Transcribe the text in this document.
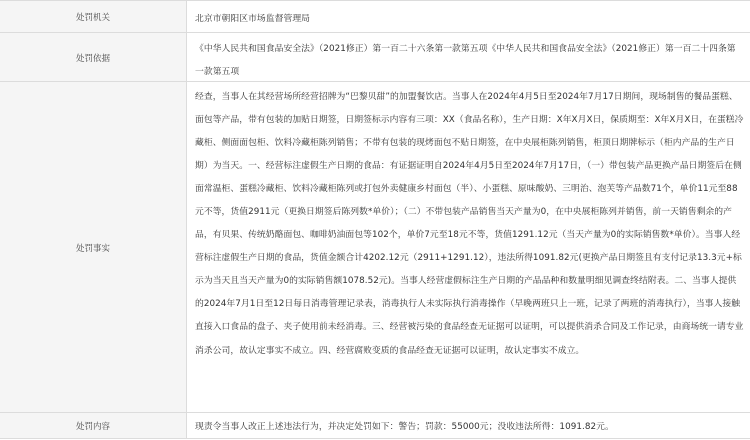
处罚机关	北京市朝阳区市场监督管理局
处罚依据
《中华人民共和国食品安全法》（2021修正）第一百二十六条第一款第五项《中华人民共和国食品安全法》（2021修正）第一百二十四条第一款第五项
处罚事实
经查，当事人在其经营场所经营招牌为“巴黎贝甜”的加盟餐饮店。当事人在2024年4月5日至2024年7月17日期间，现场制售的餐品蛋糕、面包等产品，带有包装的加贴日期签，日期签标示内容有三项：XX（食品名称），生产日期：X年X月X日，保质期至：X年X月X日，在蛋糕冷藏柜、侧面面包柜、饮料冷藏柜陈列销售；不带有包装的现烤面包不贴日期签，在中央展柜陈列销售，柜顶日期牌标示（柜内产品的生产日期）为当天。一、经营标注虚假生产日期的食品：有证据证明自2024年4月5日至2024年7月17日，（一）带包装产品更换产品日期签后在侧面常温柜、蛋糕冷藏柜、饮料冷藏柜陈列或打包外卖健康乡村面包（半）、小蛋糕、原味酸奶、三明治、泡芙等产品数71个，单价11元至88元不等，货值2911元（更换日期签后陈列数*单价）；（二）不带包装产品销售当天产量为0，在中央展柜陈列并销售，前一天销售剩余的产品，有贝果、传统奶酪面包、咖啡奶油面包等102个，单价7元至18元不等，货值1291.12元（当天产量为0的实际销售数*单价）。当事人经营标注虚假生产日期的食品，货值金额合计4202.12元（2911+1291.12），违法所得1091.82元(更换产品日期签且有支付记录13.3元+标示为当天且当天产量为0的实际销售额1078.52元)。当事人经营虚假标注生产日期的产品品种和数量明细见调查终结附表。二、当事人提供的2024年7月1日至12日每日消毒管理记录表，消毒执行人未实际执行消毒操作（早晚两班只上一班，记录了两班的消毒执行），当事人接触直接入口食品的盘子、夹子使用前未经消毒。三、经营被污染的食品经查无证据可以证明，可以提供消杀合同及工作记录，由商场统一请专业消杀公司，故认定事实不成立。四、经营腐败变质的食品经查无证据可以证明，故认定事实不成立。
处罚内容	现责令当事人改正上述违法行为，并决定处罚如下：警告；罚款：55000元；没收违法所得：1091.82元。
